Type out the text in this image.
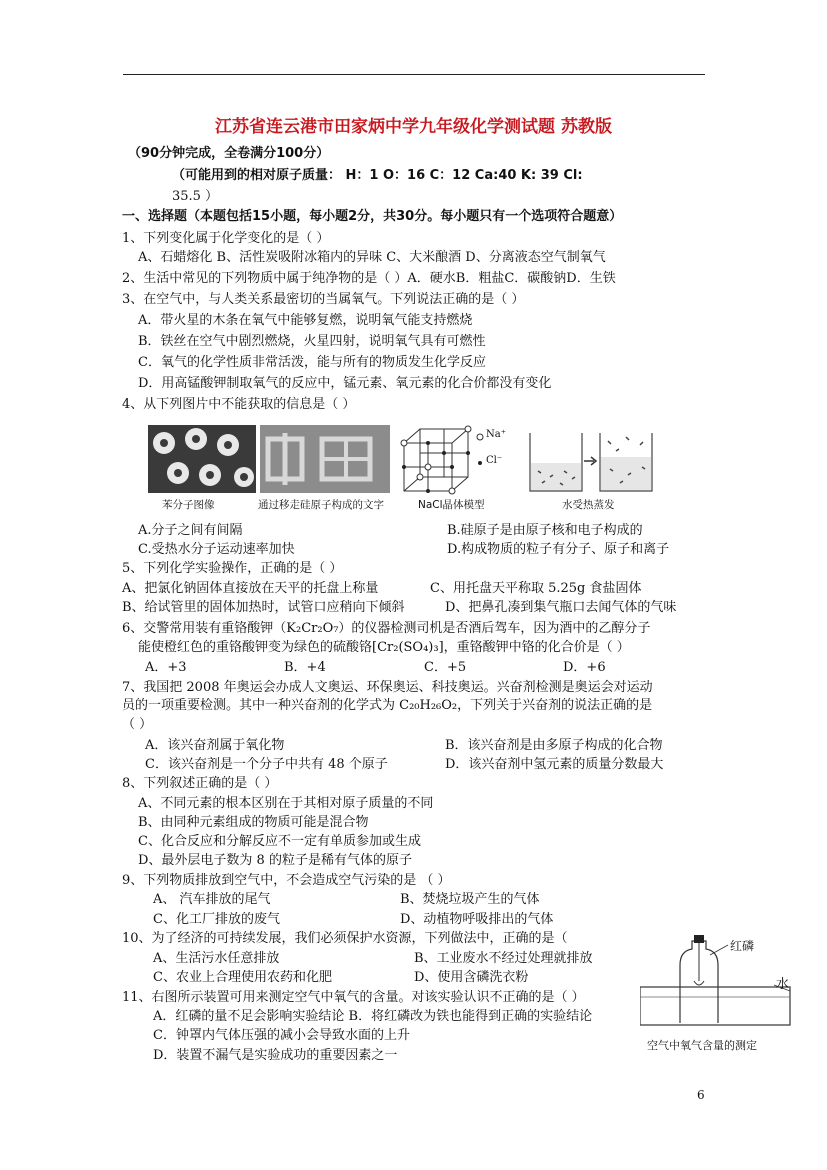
江苏省连云港市田家炳中学九年级化学测试题 苏教版
（90分钟完成，全卷满分100分）
（可能用到的相对原子质量： H：1 O：16 C：12 Ca:40 K: 39 Cl:
35.5 ）
一、选择题（本题包括15小题，每小题2分，共30分。每小题只有一个选项符合题意）
1、下列变化属于化学变化的是（ ）
A、石蜡熔化 B、活性炭吸附冰箱内的异味 C、大米酿酒 D、分离液态空气制氧气
2、生活中常见的下列物质中属于纯净物的是（ ）A．硬水B．粗盐C．碳酸钠D．生铁
3、在空气中，与人类关系最密切的当属氧气。下列说法正确的是（ ）
A．带火星的木条在氧气中能够复燃，说明氧气能支持燃烧
B．铁丝在空气中剧烈燃烧，火星四射，说明氧气具有可燃性
C．氧气的化学性质非常活泼，能与所有的物质发生化学反应
D．用高锰酸钾制取氧气的反应中，锰元素、氧元素的化合价都没有变化
4、从下列图片中不能获取的信息是（ ）
Na⁺
Cl⁻
苯分子图像	通过移走硅原子构成的文字	NaCl晶体模型	水受热蒸发
A.分子之间有间隔	B.硅原子是由原子核和电子构成的
C.受热水分子运动速率加快	D.构成物质的粒子有分子、原子和离子
5、下列化学实验操作，正确的是（ ）
A、把氯化钠固体直接放在天平的托盘上称量	C、用托盘天平称取 5.25g 食盐固体
B、给试管里的固体加热时，试管口应稍向下倾斜	D、把鼻孔凑到集气瓶口去闻气体的气味
6、交警常用装有重铬酸钾（K₂Cr₂O₇）的仪器检测司机是否酒后驾车，因为酒中的乙醇分子
能使橙红色的重铬酸钾变为绿色的硫酸铬[Cr₂(SO₄)₃]，重铬酸钾中铬的化合价是（ ）
A．+3	B．+4	C．+5	D．+6
7、我国把 2008 年奥运会办成人文奥运、环保奥运、科技奥运。兴奋剂检测是奥运会对运动
员的一项重要检测。其中一种兴奋剂的化学式为 C₂₀H₂₆O₂，下列关于兴奋剂的说法正确的是
（ ）
A．该兴奋剂属于氧化物	B．该兴奋剂是由多原子构成的化合物
C．该兴奋剂是一个分子中共有 48 个原子	D．该兴奋剂中氢元素的质量分数最大
8、下列叙述正确的是（ ）
A、不同元素的根本区别在于其相对原子质量的不同
B、由同种元素组成的物质可能是混合物
C、化合反应和分解反应不一定有单质参加或生成
D、最外层电子数为 8 的粒子是稀有气体的原子
9、下列物质排放到空气中，不会造成空气污染的是 （ ）
A、 汽车排放的尾气	B、焚烧垃圾产生的气体
C、化工厂排放的废气	D、动植物呼吸排出的气体
10、为了经济的可持续发展，我们必须保护水资源，下列做法中，正确的是（
A、生活污水任意排放	B、工业废水不经过处理就排放
C、农业上合理使用农药和化肥	D、使用含磷洗衣粉
11、右图所示装置可用来测定空气中氧气的含量。对该实验认识不正确的是（ ）
A．红磷的量不足会影响实验结论 B．将红磷改为铁也能得到正确的实验结论
C．钟罩内气体压强的减小会导致水面的上升
D．装置不漏气是实验成功的重要因素之一
红磷
水
空气中氧气含量的测定
6
